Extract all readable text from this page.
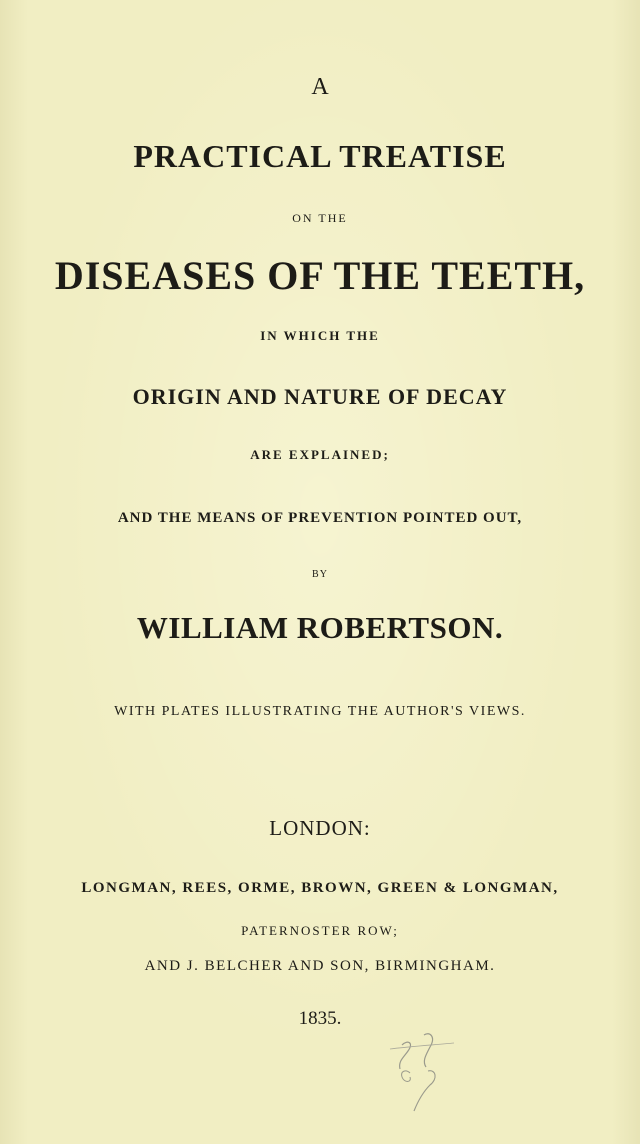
A
PRACTICAL TREATISE
ON THE
DISEASES OF THE TEETH,
IN WHICH THE
ORIGIN AND NATURE OF DECAY
ARE EXPLAINED;
AND THE MEANS OF PREVENTION POINTED OUT,
BY
WILLIAM ROBERTSON.
WITH PLATES ILLUSTRATING THE AUTHOR'S VIEWS.
LONDON:
LONGMAN, REES, ORME, BROWN, GREEN & LONGMAN,
PATERNOSTER ROW;
AND J. BELCHER AND SON, BIRMINGHAM.
1835.
